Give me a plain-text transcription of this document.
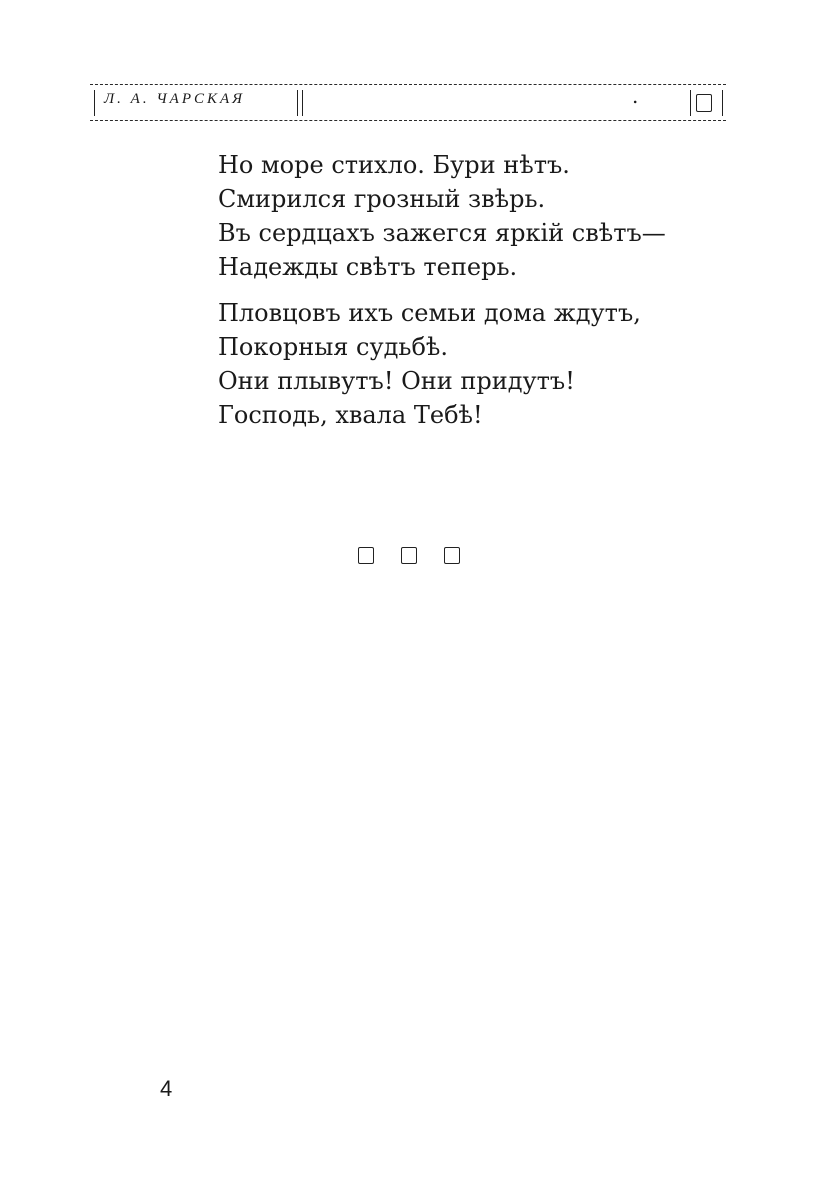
Л. А. ЧАРСКАЯ	.
Но море стихло. Бури нѣтъ.
Смирился грозный звѣрь.
Въ сердцахъ зажегся яркій свѣтъ—
Надежды свѣтъ теперь.
Пловцовъ ихъ семьи дома ждутъ,
Покорныя судьбѣ.
Они плывутъ! Они придутъ!
Господь, хвала Тебѣ!
4
